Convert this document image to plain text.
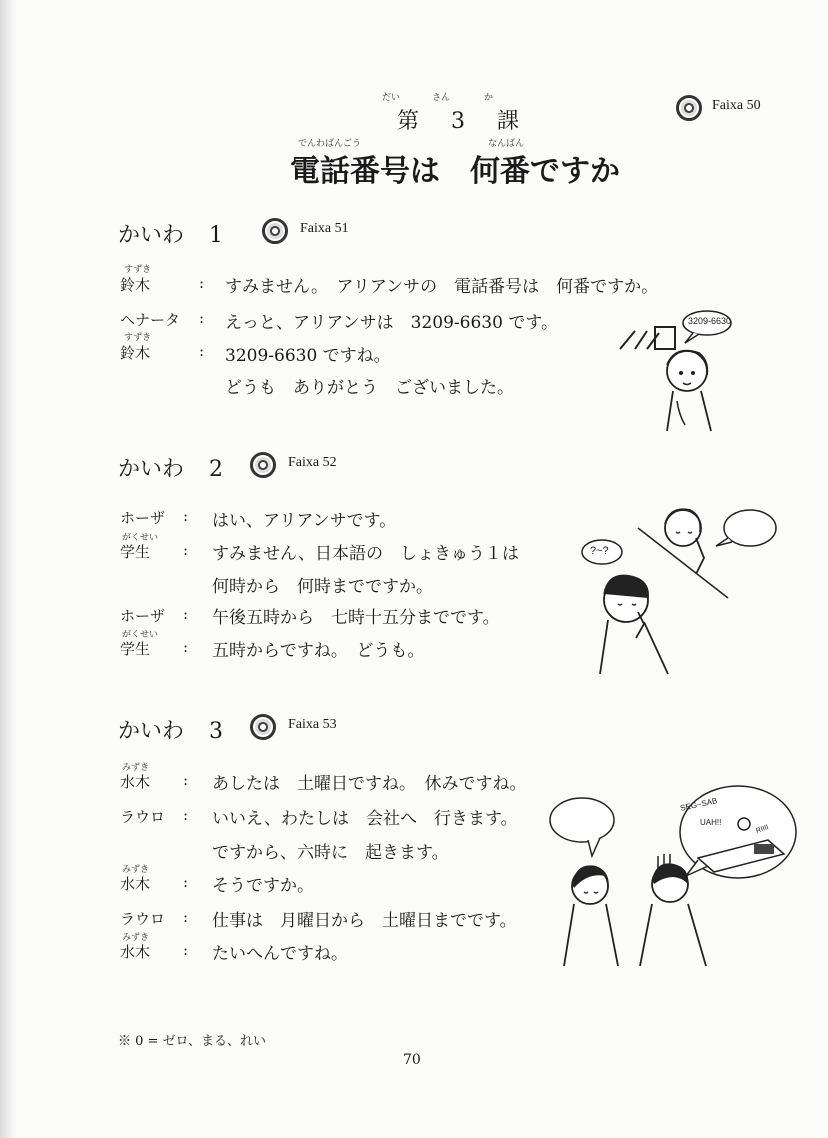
だい	さん	か
第 3 課
Faixa 50
でんわばんごう	なんばん
電話番号は　何番ですか
かいわ 1	Faixa 51
すずき
鈴木	: すみません。　アリアンサの　電話番号は　何番ですか。
ヘナータ	: えっと、アリアンサは　3209-6630 です。
すずき
鈴木	: 3209-6630 ですね。
どうも　ありがとう　ございました。
3209-6630
かいわ 2	Faixa 52
ホーザ	: はい、アリアンサです。
がくせい
学生	: すみません、日本語の　しょきゅう１は
何時から　何時までですか。
ホーザ	: 午後五時から　七時十五分までです。
がくせい
学生	: 五時からですね。　どうも。
?~?
かいわ 3	Faixa 53
みずき
水木	: あしたは　土曜日ですね。　休みですね。
ラウロ	: いいえ、わたしは　会社へ　行きます。
ですから、六時に　起きます。
みずき
水木	: そうですか。
ラウロ	: 仕事は　月曜日から　土曜日までです。
みずき
水木	: たいへんですね。
SEG~SAB
UAH!!
RIIII
※ 0 = ゼロ、まる、れい
70
